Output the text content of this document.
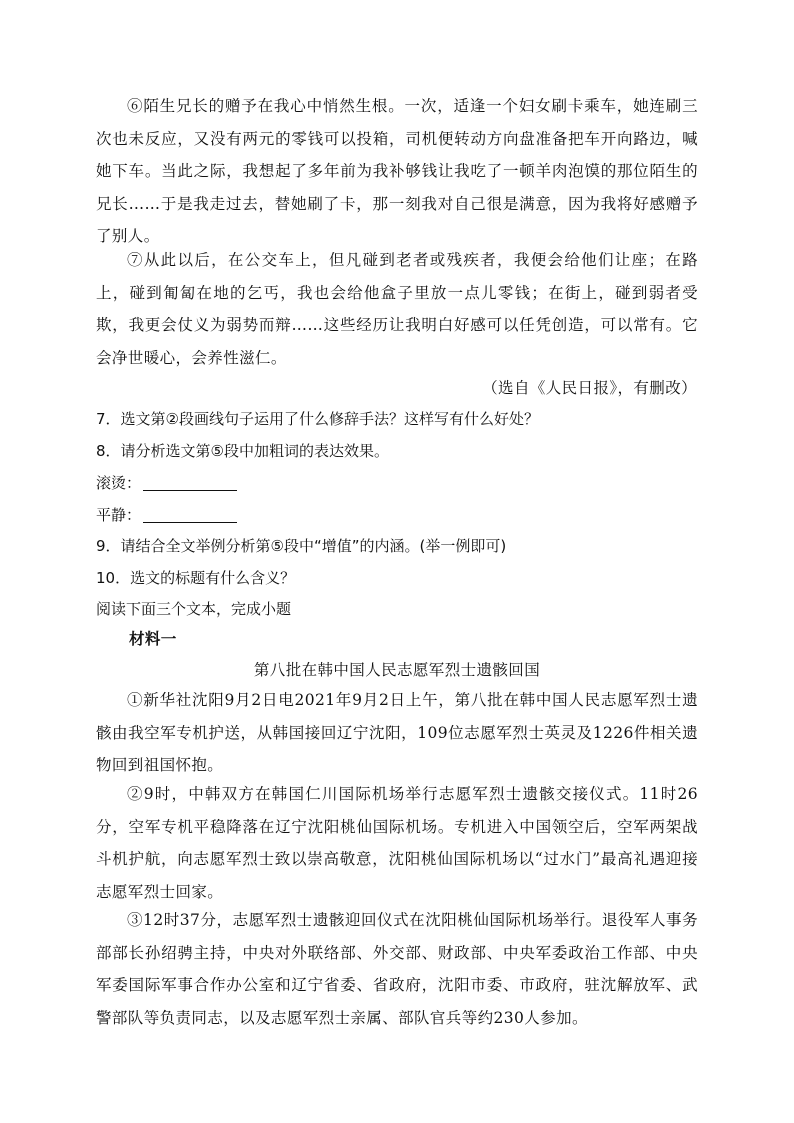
⑥陌生兄长的赠予在我心中悄然生根。一次，适逢一个妇女刷卡乘车，她连刷三次也未反应，又没有两元的零钱可以投箱，司机便转动方向盘准备把车开向路边，喊她下车。当此之际，我想起了多年前为我补够钱让我吃了一顿羊肉泡馍的那位陌生的兄长……于是我走过去，替她刷了卡，那一刻我对自己很是满意，因为我将好感赠予了别人。

⑦从此以后，在公交车上，但凡碰到老者或残疾者，我便会给他们让座；在路上，碰到匍匐在地的乞丐，我也会给他盒子里放一点儿零钱；在街上，碰到弱者受欺，我更会仗义为弱势而辩……这些经历让我明白好感可以任凭创造，可以常有。它会净世暖心，会养性滋仁。

（选自《人民日报》，有删改）

7．选文第②段画线句子运用了什么修辞手法？这样写有什么好处？

8．请分析选文第⑤段中加粗词的表达效果。

滚烫：

平静：

9．请结合全文举例分析第⑤段中“增值”的内涵。(举一例即可)

10．选文的标题有什么含义？

阅读下面三个文本，完成小题

材料一

第八批在韩中国人民志愿军烈士遗骸回国

①新华社沈阳9月2日电2021年9月2日上午，第八批在韩中国人民志愿军烈士遗骸由我空军专机护送，从韩国接回辽宁沈阳，109位志愿军烈士英灵及1226件相关遗物回到祖国怀抱。

②9时，中韩双方在韩国仁川国际机场举行志愿军烈士遗骸交接仪式。11时26分，空军专机平稳降落在辽宁沈阳桃仙国际机场。专机进入中国领空后，空军两架战斗机护航，向志愿军烈士致以崇高敬意，沈阳桃仙国际机场以“过水门”最高礼遇迎接志愿军烈士回家。

③12时37分，志愿军烈士遗骸迎回仪式在沈阳桃仙国际机场举行。退役军人事务部部长孙绍骋主持，中央对外联络部、外交部、财政部、中央军委政治工作部、中央军委国际军事合作办公室和辽宁省委、省政府，沈阳市委、市政府，驻沈解放军、武警部队等负责同志，以及志愿军烈士亲属、部队官兵等约230人参加。
